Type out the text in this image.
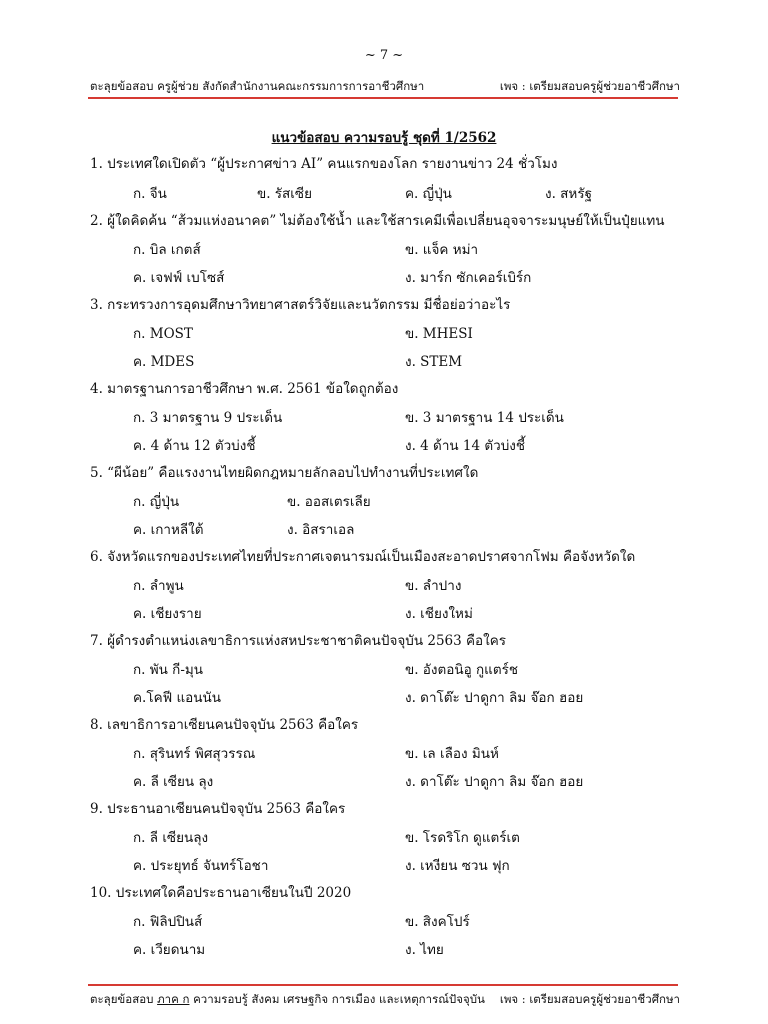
~ 7 ~
ตะลุยข้อสอบ ครูผู้ช่วย สังกัดสำนักงานคณะกรรมการการอาชีวศึกษา	เพจ : เตรียมสอบครูผู้ช่วยอาชีวศึกษา
แนวข้อสอบ ความรอบรู้ ชุดที่ 1/2562
1. ประเทศใดเปิดตัว “ผู้ประกาศข่าว AI” คนแรกของโลก รายงานข่าว 24 ชั่วโมง
ก. จีน	ข. รัสเซีย	ค. ญี่ปุ่น	ง. สหรัฐ
2. ผู้ใดคิดค้น “ส้วมแห่งอนาคต” ไม่ต้องใช้น้ำ และใช้สารเคมีเพื่อเปลี่ยนอุจจาระมนุษย์ให้เป็นปุ๋ยแทน
ก. บิล เกตส์	ข. แจ็ค หม่า
ค. เจฟฟ์ เบโซส์	ง. มาร์ก ซักเคอร์เบิร์ก
3. กระทรวงการอุดมศึกษาวิทยาศาสตร์วิจัยและนวัตกรรม มีชื่อย่อว่าอะไร
ก. MOST	ข. MHESI
ค. MDES	ง. STEM
4. มาตรฐานการอาชีวศึกษา พ.ศ. 2561 ข้อใดถูกต้อง
ก. 3 มาตรฐาน 9 ประเด็น	ข. 3 มาตรฐาน 14 ประเด็น
ค. 4 ด้าน 12 ตัวบ่งชี้	ง. 4 ด้าน 14 ตัวบ่งชี้
5. “ผีน้อย” คือแรงงานไทยผิดกฎหมายลักลอบไปทำงานที่ประเทศใด
ก. ญี่ปุ่น	ข. ออสเตรเลีย
ค. เกาหลีใต้	ง. อิสราเอล
6. จังหวัดแรกของประเทศไทยที่ประกาศเจตนารมณ์เป็นเมืองสะอาดปราศจากโฟม คือจังหวัดใด
ก. ลำพูน	ข. ลำปาง
ค. เชียงราย	ง. เชียงใหม่
7. ผู้ดำรงตำแหน่งเลขาธิการแห่งสหประชาชาติคนปัจจุบัน 2563 คือใคร
ก. พัน กี-มุน	ข. อังตอนิอู กูแตร์ช
ค.โคฟี แอนนัน	ง. ดาโต๊ะ ปาดูกา ลิม จ๊อก ฮอย
8. เลขาธิการอาเซียนคนปัจจุบัน 2563 คือใคร
ก. สุรินทร์ พิศสุวรรณ	ข. เล เลือง มินห์
ค. ลี เซียน ลุง	ง. ดาโต๊ะ ปาดูกา ลิม จ๊อก ฮอย
9. ประธานอาเซียนคนปัจจุบัน 2563 คือใคร
ก. ลี เซียนลุง	ข. โรดริโก ดูแตร์เต
ค. ประยุทธ์ จันทร์โอชา	ง. เหงียน ซวน ฟุก
10. ประเทศใดคือประธานอาเซียนในปี 2020
ก. ฟิลิปปินส์	ข. สิงคโปร์
ค. เวียดนาม	ง. ไทย
ตะลุยข้อสอบ ภาค ก ความรอบรู้ สังคม เศรษฐกิจ การเมือง และเหตุการณ์ปัจจุบัน เพจ : เตรียมสอบครูผู้ช่วยอาชีวศึกษา
